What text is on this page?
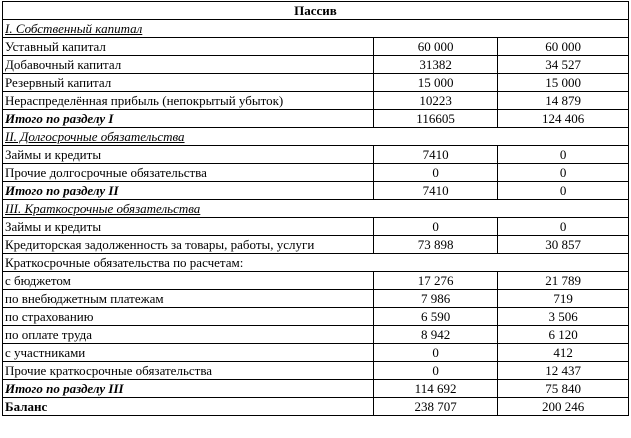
Пассив		
I. Собственный капитал		
Уставный капитал	60 000	60 000
Добавочный капитал	31382	34 527
Резервный капитал	15 000	15 000
Нераспределённая прибыль (непокрытый убыток)	10223	14 879
Итого по разделу I	116605	124 406
II. Долгосрочные обязательства		
Займы и кредиты	7410	0
Прочие долгосрочные обязательства	0	0
Итого по разделу II	7410	0
III. Краткосрочные обязательства		
Займы и кредиты	0	0
Кредиторская задолженность за товары, работы, услуги	73 898	30 857
Краткосрочные обязательства по расчетам:		
с бюджетом	17 276	21 789
по внебюджетным платежам	7 986	719
по страхованию	6 590	3 506
по оплате труда	8 942	6 120
с участниками	0	412
Прочие краткосрочные обязательства	0	12 437
Итого по разделу III	114 692	75 840
Баланс	238 707	200 246
